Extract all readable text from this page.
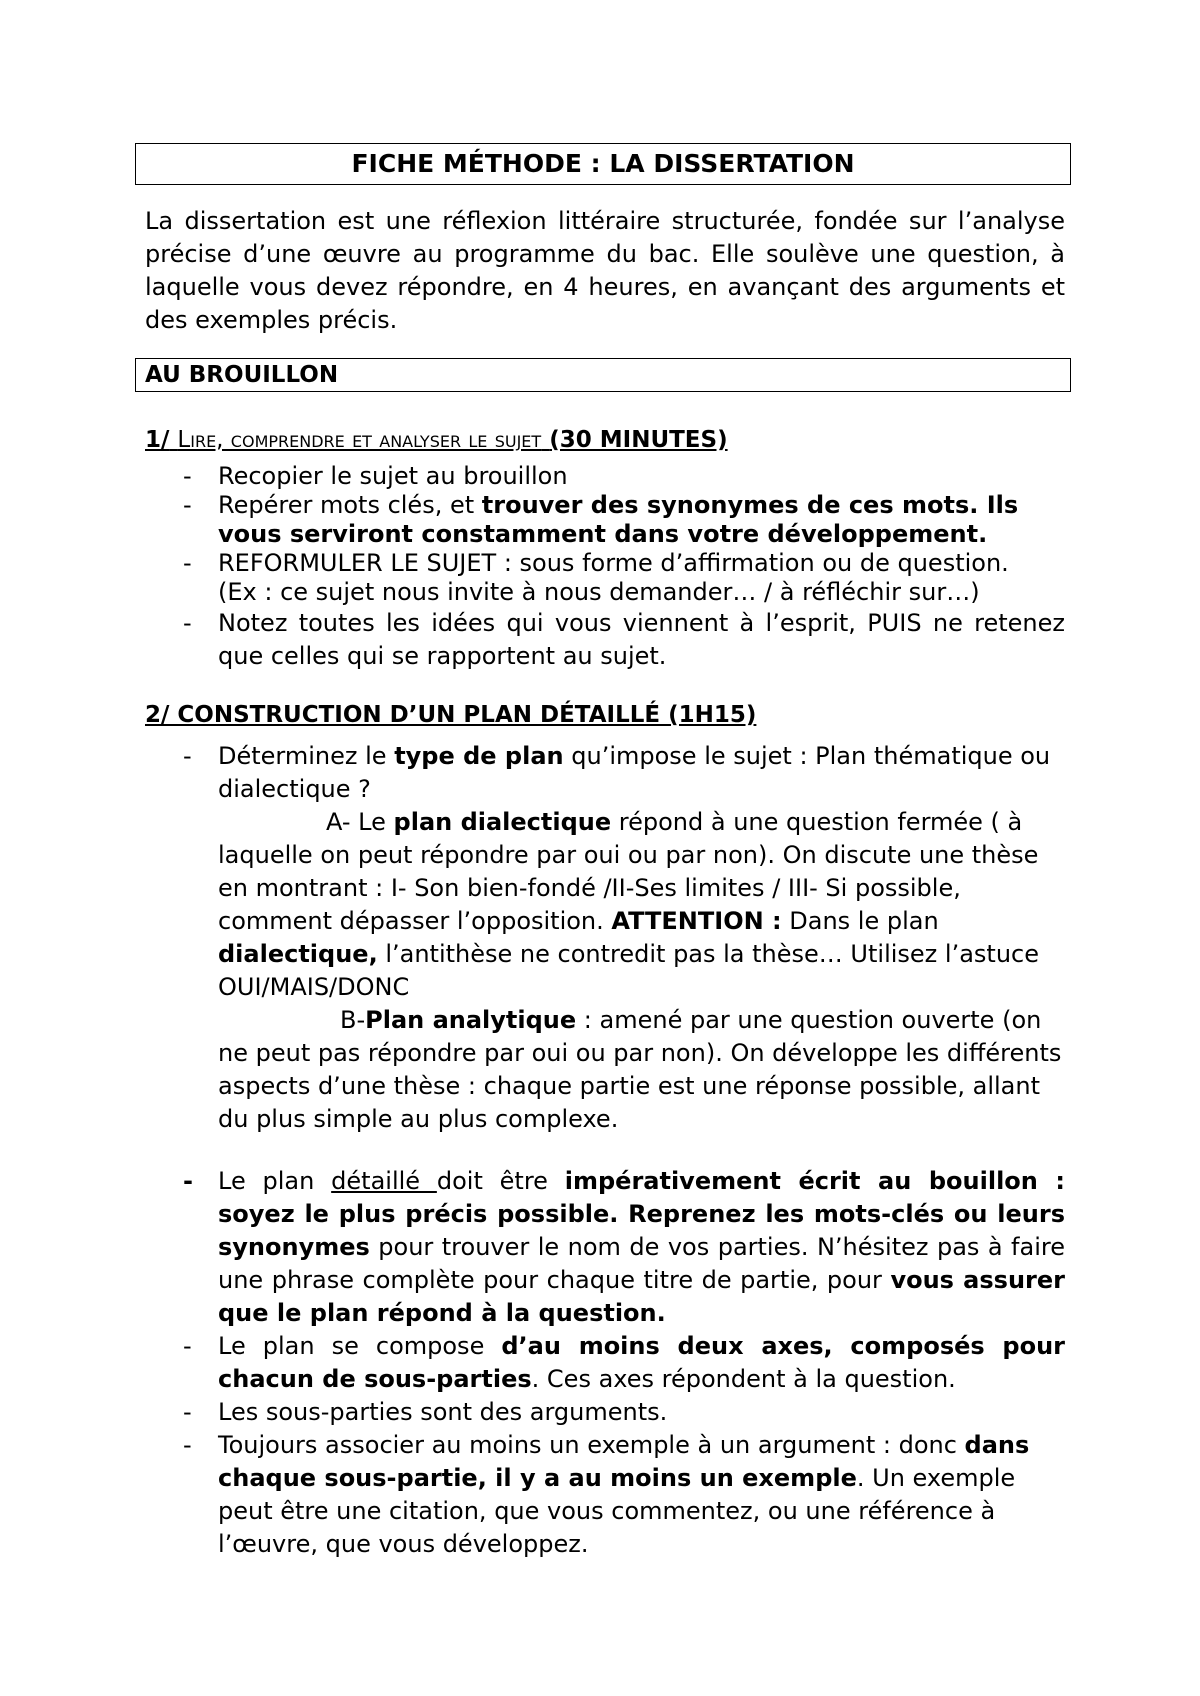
FICHE MÉTHODE : LA DISSERTATION
La dissertation est une réflexion littéraire structurée, fondée sur l’analyse précise d’une œuvre au programme du bac. Elle soulève une question, à laquelle vous devez répondre, en 4 heures, en avançant des arguments et des exemples précis.
AU BROUILLON
1/ Lire, comprendre et analyser le sujet (30 MINUTES)
- Recopier le sujet au brouillon
- Repérer mots clés, et trouver des synonymes de ces mots. Ils vous serviront constamment dans votre développement.
- REFORMULER LE SUJET : sous forme d’affirmation ou de question.
(Ex : ce sujet nous invite à nous demander… / à réfléchir sur…)
- Notez toutes les idées qui vous viennent à l’esprit, PUIS ne retenez que celles qui se rapportent au sujet.
2/ CONSTRUCTION D’UN PLAN DÉTAILLÉ (1H15)
- Déterminez le type de plan qu’impose le sujet : Plan thématique ou dialectique ?
A- Le plan dialectique répond à une question fermée ( à laquelle on peut répondre par oui ou par non). On discute une thèse en montrant : I- Son bien-fondé /II-Ses limites / III- Si possible, comment dépasser l’opposition. ATTENTION : Dans le plan dialectique, l’antithèse ne contredit pas la thèse… Utilisez l’astuce OUI/MAIS/DONC
B-Plan analytique : amené par une question ouverte (on ne peut pas répondre par oui ou par non). On développe les différents aspects d’une thèse : chaque partie est une réponse possible, allant du plus simple au plus complexe.
- Le plan détaillé doit être impérativement écrit au bouillon : soyez le plus précis possible. Reprenez les mots-clés ou leurs synonymes pour trouver le nom de vos parties. N’hésitez pas à faire une phrase complète pour chaque titre de partie, pour vous assurer que le plan répond à la question.
- Le plan se compose d’au moins deux axes, composés pour chacun de sous-parties. Ces axes répondent à la question.
- Les sous-parties sont des arguments.
- Toujours associer au moins un exemple à un argument : donc dans chaque sous-partie, il y a au moins un exemple. Un exemple peut être une citation, que vous commentez, ou une référence à l’œuvre, que vous développez.
